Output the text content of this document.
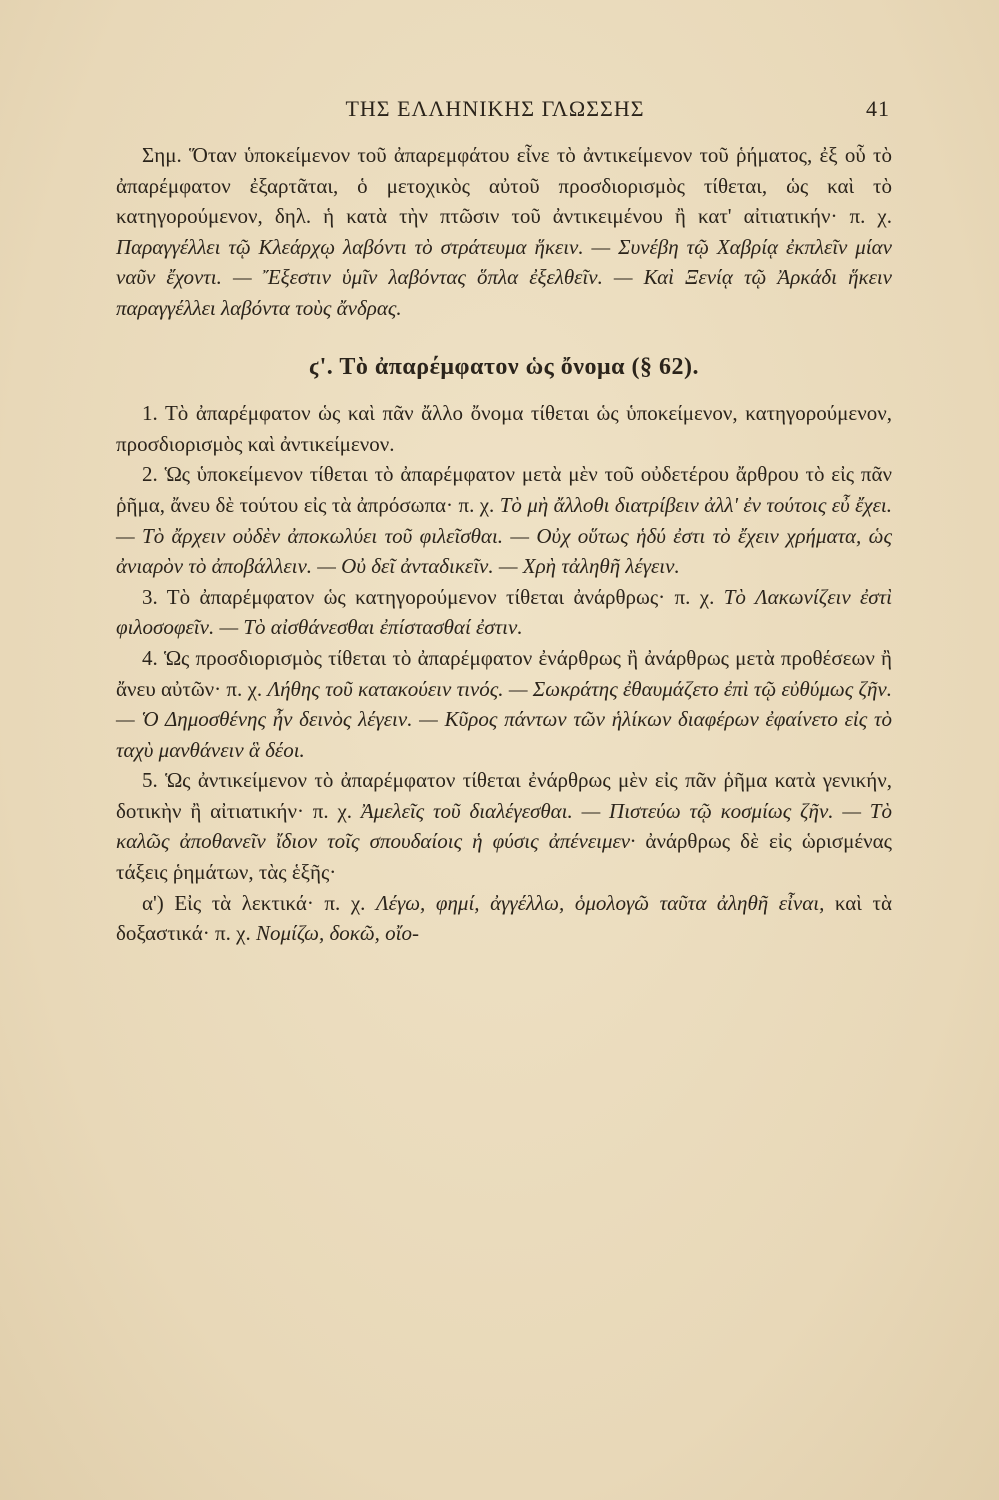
ΤΗΣ ΕΛΛΗΝΙΚΗΣ ΓΛΩΣΣΗΣ	41

Σημ. Ὅταν ὑποκείμενον τοῦ ἀπαρεμφάτου εἶνε τὸ ἀντικείμενον τοῦ ῥήματος, ἐξ οὗ τὸ ἀπαρέμφατον ἐξαρτᾶται, ὁ μετοχικὸς αὐτοῦ προσδιορισμὸς τίθεται, ὡς καὶ τὸ κατηγορούμενον, δηλ. ἡ κατὰ τὴν πτῶσιν τοῦ ἀντικειμένου ἢ κατ' αἰτιατικήν· π. χ. Παραγγέλλει τῷ Κλεάρχῳ λαβόντι τὸ στράτευμα ἥκειν. — Συνέβη τῷ Χαβρίᾳ ἐκπλεῖν μίαν ναῦν ἔχοντι. — Ἔξεστιν ὑμῖν λαβόντας ὅπλα ἐξελθεῖν. — Καὶ Ξενίᾳ τῷ Ἀρκάδι ἥκειν παραγγέλλει λαβόντα τοὺς ἄνδρας.

ϛ'. Τὸ ἀπαρέμφατον ὡς ὄνομα (§ 62).

1. Τὸ ἀπαρέμφατον ὡς καὶ πᾶν ἄλλο ὄνομα τίθεται ὡς ὑποκείμενον, κατηγορούμενον, προσδιορισμὸς καὶ ἀντικείμενον.

2. Ὡς ὑποκείμενον τίθεται τὸ ἀπαρέμφατον μετὰ μὲν τοῦ οὐδετέρου ἄρθρου τὸ εἰς πᾶν ῥῆμα, ἄνευ δὲ τούτου εἰς τὰ ἀπρόσωπα· π. χ. Τὸ μὴ ἄλλοθι διατρίβειν ἀλλ' ἐν τούτοις εὖ ἔχει. — Τὸ ἄρχειν οὐδὲν ἀποκωλύει τοῦ φιλεῖσθαι. — Οὐχ οὕτως ἡδύ ἐστι τὸ ἔχειν χρήματα, ὡς ἀνιαρὸν τὸ ἀποβάλλειν. — Οὐ δεῖ ἀνταδικεῖν. — Χρὴ τἀληθῆ λέγειν.

3. Τὸ ἀπαρέμφατον ὡς κατηγορούμενον τίθεται ἀνάρθρως· π. χ. Τὸ Λακωνίζειν ἐστὶ φιλοσοφεῖν. — Τὸ αἰσθάνεσθαι ἐπίστασθαί ἐστιν.

4. Ὡς προσδιορισμὸς τίθεται τὸ ἀπαρέμφατον ἐνάρθρως ἢ ἀνάρθρως μετὰ προθέσεων ἢ ἄνευ αὐτῶν· π. χ. Λήθης τοῦ κατακούειν τινός. — Σωκράτης ἐθαυμάζετο ἐπὶ τῷ εὐθύμως ζῆν. — Ὁ Δημοσθένης ἦν δεινὸς λέγειν. — Κῦρος πάντων τῶν ἡλίκων διαφέρων ἐφαίνετο εἰς τὸ ταχὺ μανθάνειν ἃ δέοι.

5. Ὡς ἀντικείμενον τὸ ἀπαρέμφατον τίθεται ἐνάρθρως μὲν εἰς πᾶν ῥῆμα κατὰ γενικήν, δοτικὴν ἢ αἰτιατικήν· π. χ. Ἀμελεῖς τοῦ διαλέγεσθαι. — Πιστεύω τῷ κοσμίως ζῆν. — Τὸ καλῶς ἀποθανεῖν ἴδιον τοῖς σπουδαίοις ἡ φύσις ἀπένειμεν· ἀνάρθρως δὲ εἰς ὡρισμένας τάξεις ῥημάτων, τὰς ἑξῆς·

α') Εἰς τὰ λεκτικά· π. χ. Λέγω, φημί, ἀγγέλλω, ὁμολογῶ ταῦτα ἀληθῆ εἶναι, καὶ τὰ δοξαστικά· π. χ. Νομίζω, δοκῶ, οἴο-
